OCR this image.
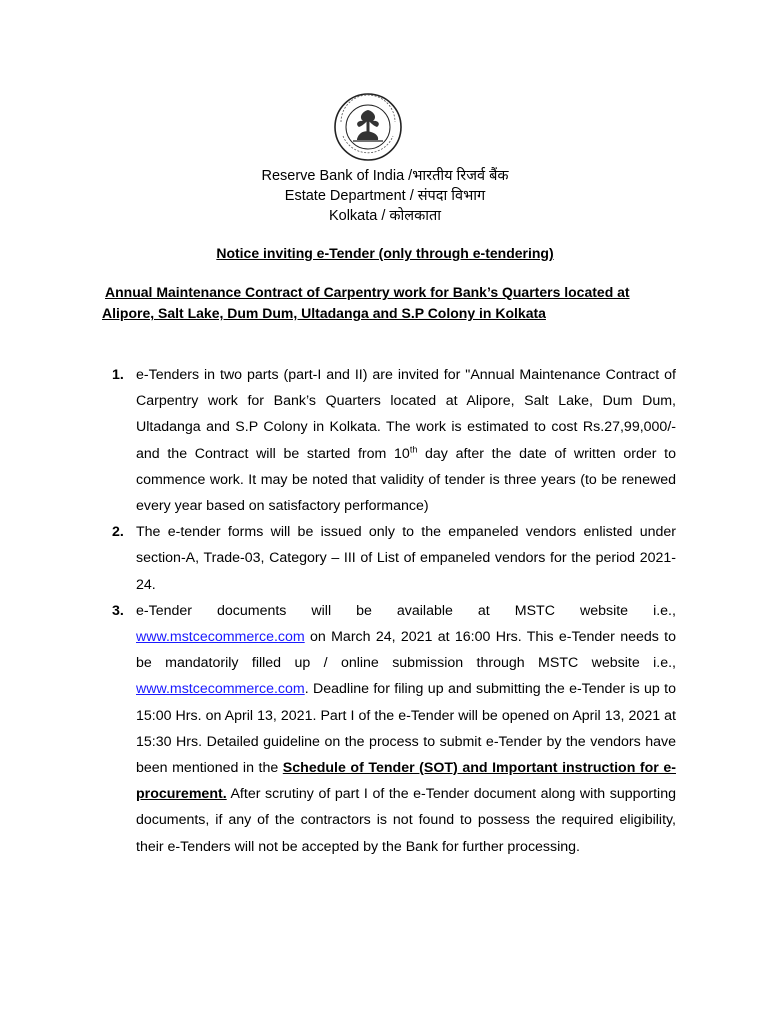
Reserve Bank of India /भारतीय रिजर्व बैंक
Estate Department / संपदा विभाग
Kolkata / कोलकाता
Notice inviting e-Tender (only through e-tendering)
Annual Maintenance Contract of Carpentry work for Bank’s Quarters located at
Alipore, Salt Lake, Dum Dum, Ultadanga and S.P Colony in Kolkata
1. e-Tenders in two parts (part-I and II) are invited for "Annual Maintenance Contract of Carpentry work for Bank’s Quarters located at Alipore, Salt Lake, Dum Dum, Ultadanga and S.P Colony in Kolkata. The work is estimated to cost Rs.27,99,000/- and the Contract will be started from 10th day after the date of written order to commence work. It may be noted that validity of tender is three years (to be renewed every year based on satisfactory performance)
2. The e-tender forms will be issued only to the empaneled vendors enlisted under section-A, Trade-03, Category – III of List of empaneled vendors for the period 2021-24.
3. e-Tender documents will be available at MSTC website i.e.,
www.mstcecommerce.com on March 24, 2021 at 16:00 Hrs. This e-Tender needs to be mandatorily filled up / online submission through MSTC website i.e., www.mstcecommerce.com. Deadline for filing up and submitting the e-Tender is up to 15:00 Hrs. on April 13, 2021. Part I of the e-Tender will be opened on April 13, 2021 at 15:30 Hrs. Detailed guideline on the process to submit e-Tender by the vendors have been mentioned in the Schedule of Tender (SOT) and Important instruction for e-procurement. After scrutiny of part I of the e-Tender document along with supporting documents, if any of the contractors is not found to possess the required eligibility, their e-Tenders will not be accepted by the Bank for further processing.
